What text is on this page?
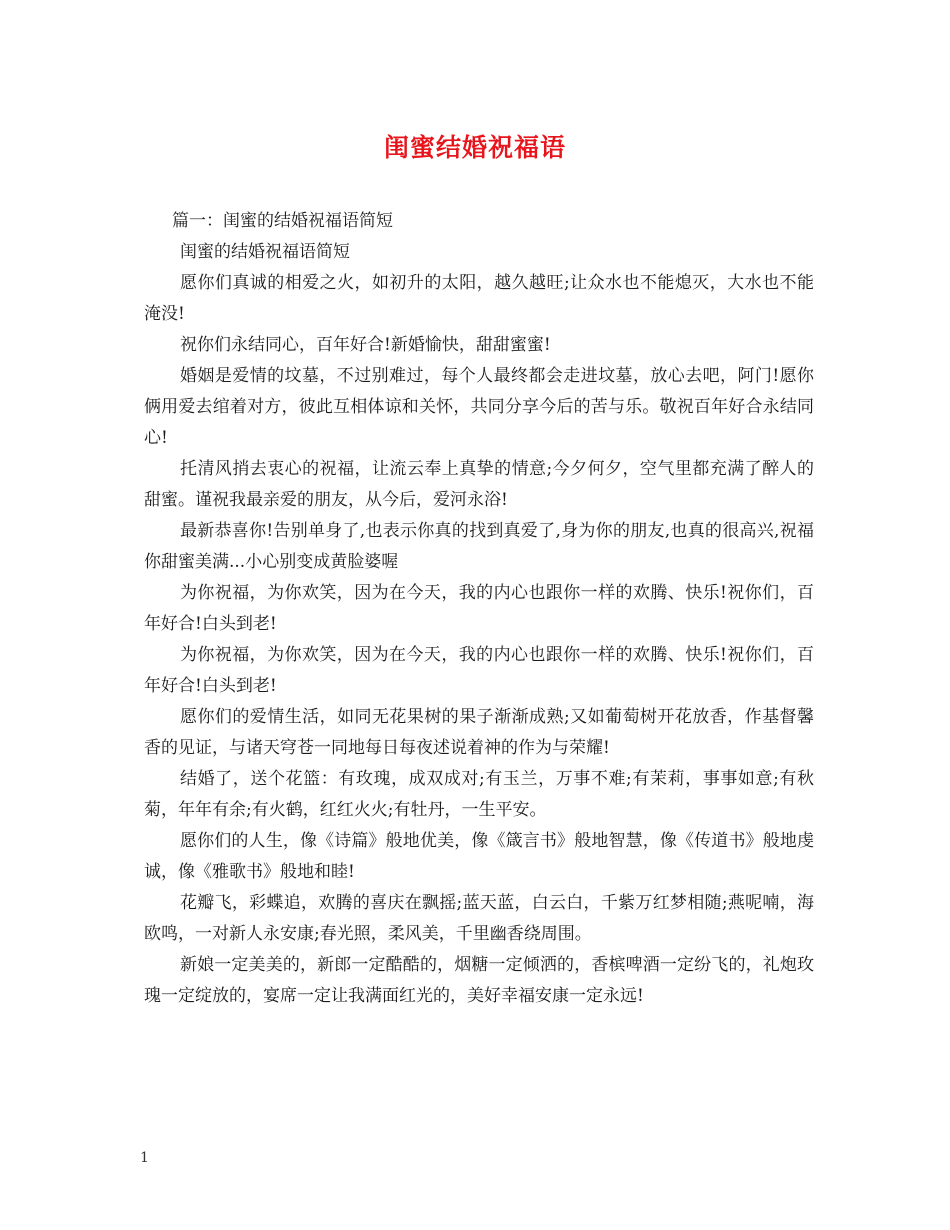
闺蜜结婚祝福语

篇一：闺蜜的结婚祝福语简短

闺蜜的结婚祝福语简短

愿你们真诚的相爱之火，如初升的太阳，越久越旺;让众水也不能熄灭，大水也不能淹没!

祝你们永结同心，百年好合!新婚愉快，甜甜蜜蜜!

婚姻是爱情的坟墓，不过别难过，每个人最终都会走进坟墓，放心去吧，阿门!愿你俩用爱去绾着对方，彼此互相体谅和关怀，共同分享今后的苦与乐。敬祝百年好合永结同心!

托清风捎去衷心的祝福，让流云奉上真挚的情意;今夕何夕，空气里都充满了醉人的甜蜜。谨祝我最亲爱的朋友，从今后，爱河永浴!

最新恭喜你!告别单身了,也表示你真的找到真爱了,身为你的朋友,也真的很高兴,祝福你甜蜜美满...小心别变成黄脸婆喔

为你祝福，为你欢笑，因为在今天，我的内心也跟你一样的欢腾、快乐!祝你们，百年好合!白头到老!

为你祝福，为你欢笑，因为在今天，我的内心也跟你一样的欢腾、快乐!祝你们，百年好合!白头到老!

愿你们的爱情生活，如同无花果树的果子渐渐成熟;又如葡萄树开花放香，作基督馨香的见证，与诸天穹苍一同地每日每夜述说着神的作为与荣耀!

结婚了，送个花篮：有玫瑰，成双成对;有玉兰，万事不难;有茉莉，事事如意;有秋菊，年年有余;有火鹤，红红火火;有牡丹，一生平安。

愿你们的人生，像《诗篇》般地优美，像《箴言书》般地智慧，像《传道书》般地虔诚，像《雅歌书》般地和睦!

花瓣飞，彩蝶追，欢腾的喜庆在飘摇;蓝天蓝，白云白，千紫万红梦相随;燕呢喃，海欧鸣，一对新人永安康;春光照，柔风美，千里幽香绕周围。

新娘一定美美的，新郎一定酷酷的，烟糖一定倾洒的，香槟啤酒一定纷飞的，礼炮玫瑰一定绽放的，宴席一定让我满面红光的，美好幸福安康一定永远!

1
